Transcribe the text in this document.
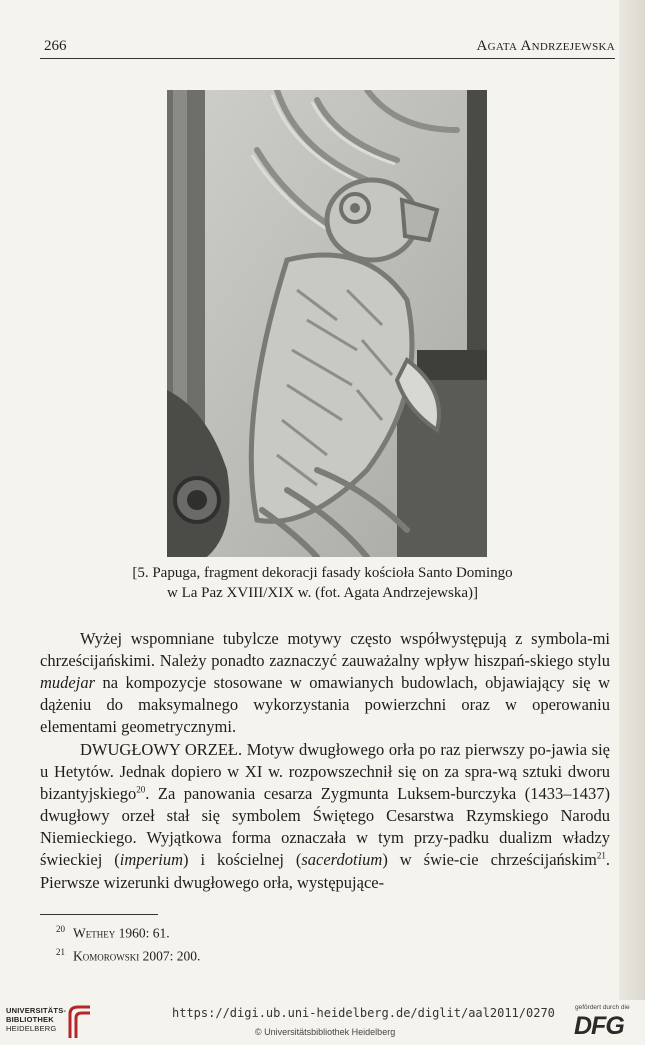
266	Agata Andrzejewska
[5. Papuga, fragment dekoracji fasady kościoła Santo Domingo
w La Paz XVIII/XIX w. (fot. Agata Andrzejewska)]

Wyżej wspomniane tubylcze motywy często współwystępują z symbola-mi chrześcijańskimi. Należy ponadto zaznaczyć zauważalny wpływ hiszpań-skiego stylu mudejar na kompozycje stosowane w omawianych budowlach, objawiający się w dążeniu do maksymalnego wykorzystania powierzchni oraz w operowaniu elementami geometrycznymi.

DWUGŁOWY ORZEŁ. Motyw dwugłowego orła po raz pierwszy po-jawia się u Hetytów. Jednak dopiero w XI w. rozpowszechnił się on za spra-wą sztuki dworu bizantyjskiego$^{20}$. Za panowania cesarza Zygmunta Luksem-burczyka (1433–1437) dwugłowy orzeł stał się symbolem Świętego Cesarstwa Rzymskiego Narodu Niemieckiego. Wyjątkowa forma oznaczała w tym przy-padku dualizm władzy świeckiej (imperium) i kościelnej (sacerdotium) w świe-cie chrześcijańskim$^{21}$. Pierwsze wizerunki dwugłowego orła, występujące-

$^{20}$ Wethey 1960: 61.
$^{21}$ Komorowski 2007: 200.
UNIVERSITÄTS-
BIBLIOTHEK
HEIDELBERG
https://digi.ub.uni-heidelberg.de/diglit/aal2011/0270
© Universitätsbibliothek Heidelberg
gefördert durch die
DFG
